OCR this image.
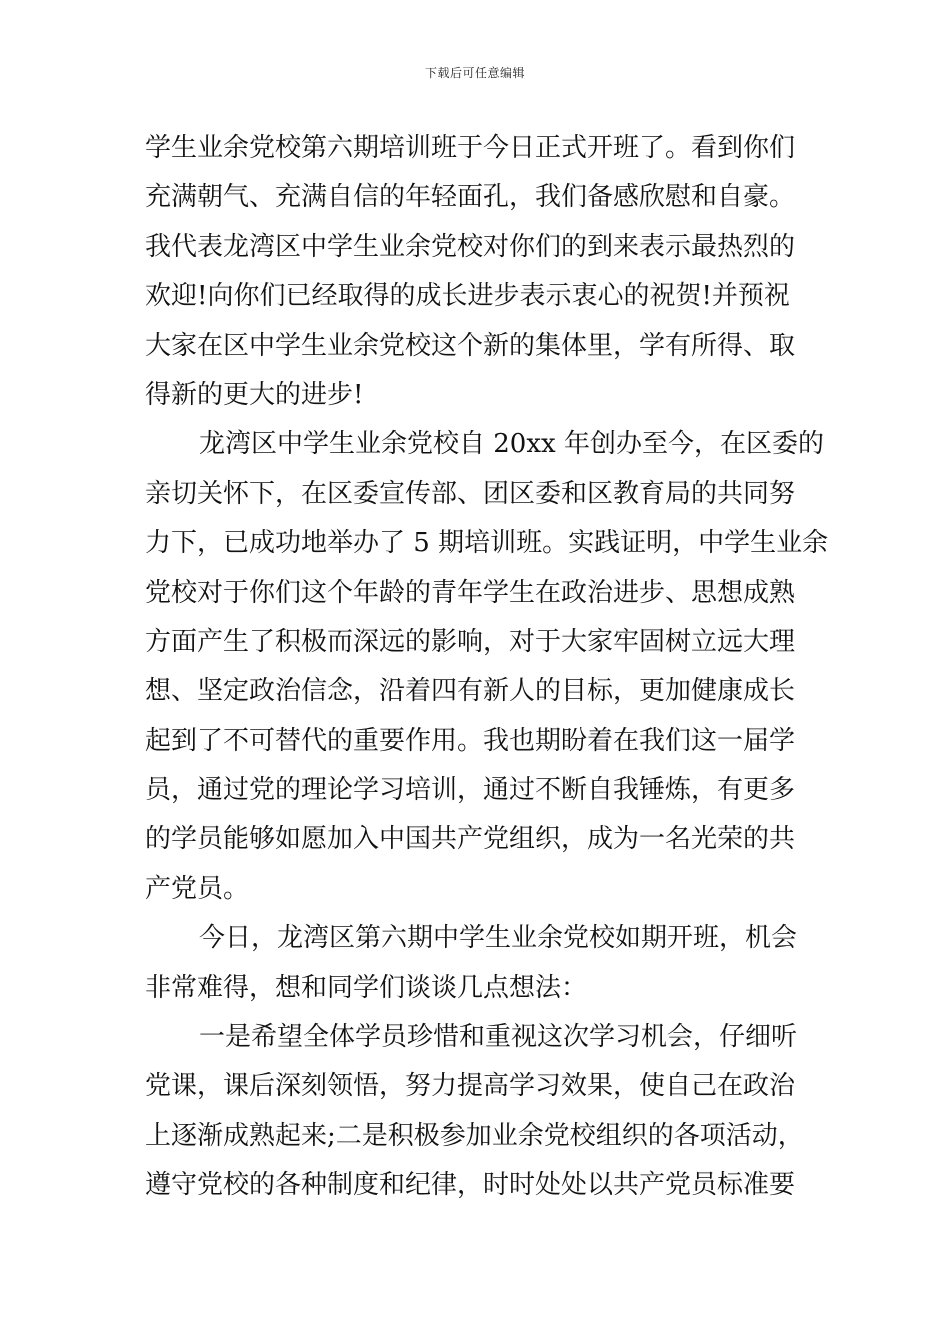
下载后可任意编辑
学生业余党校第六期培训班于今日正式开班了。看到你们
充满朝气、充满自信的年轻面孔，我们备感欣慰和自豪。
我代表龙湾区中学生业余党校对你们的到来表示最热烈的
欢迎!向你们已经取得的成长进步表示衷心的祝贺!并预祝
大家在区中学生业余党校这个新的集体里，学有所得、取
得新的更大的进步!
龙湾区中学生业余党校自 20xx 年创办至今，在区委的
亲切关怀下，在区委宣传部、团区委和区教育局的共同努
力下，已成功地举办了 5 期培训班。实践证明，中学生业余
党校对于你们这个年龄的青年学生在政治进步、思想成熟
方面产生了积极而深远的影响，对于大家牢固树立远大理
想、坚定政治信念，沿着四有新人的目标，更加健康成长
起到了不可替代的重要作用。我也期盼着在我们这一届学
员，通过党的理论学习培训，通过不断自我锤炼，有更多
的学员能够如愿加入中国共产党组织，成为一名光荣的共
产党员。
今日，龙湾区第六期中学生业余党校如期开班，机会
非常难得，想和同学们谈谈几点想法：
一是希望全体学员珍惜和重视这次学习机会，仔细听
党课，课后深刻领悟，努力提高学习效果，使自己在政治
上逐渐成熟起来;二是积极参加业余党校组织的各项活动，
遵守党校的各种制度和纪律，时时处处以共产党员标准要
